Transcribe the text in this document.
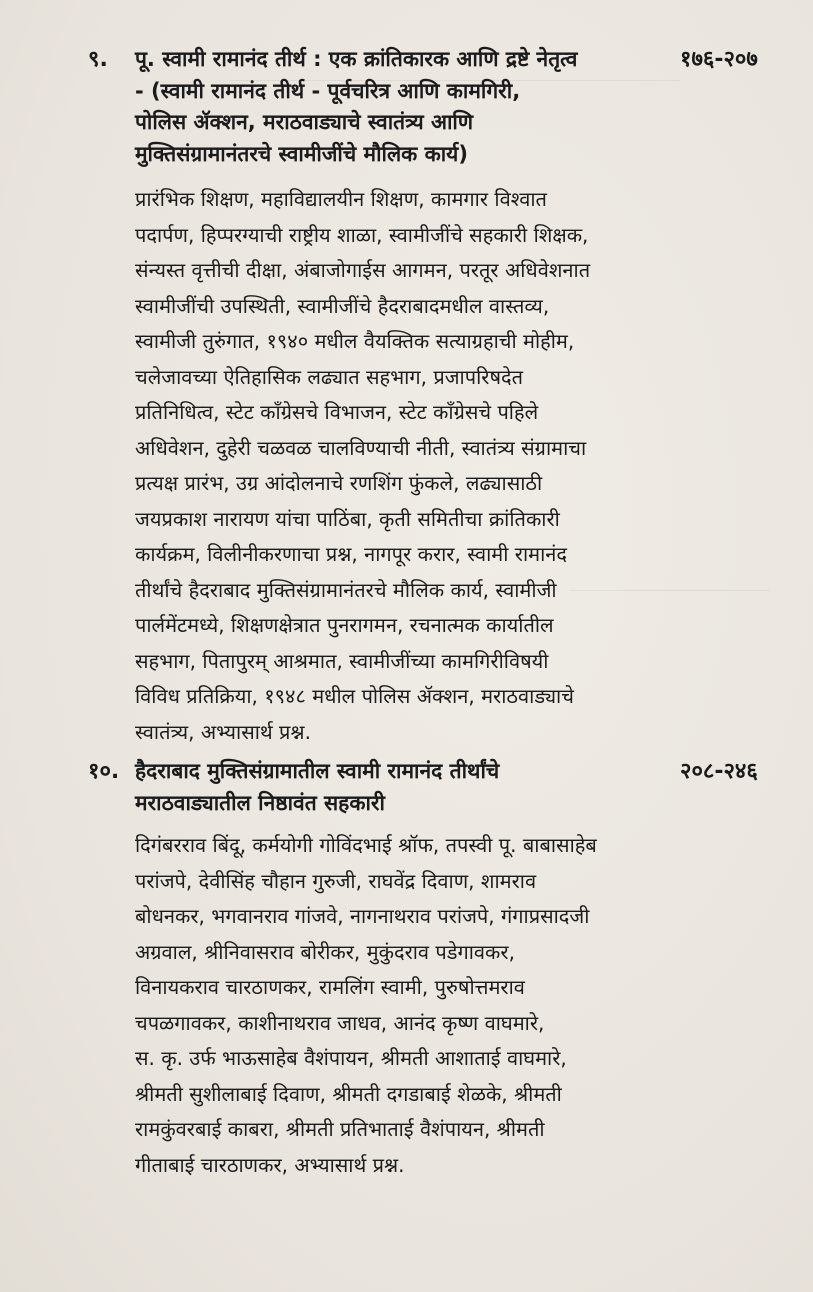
९.	१७६-२०७
पू. स्वामी रामानंद तीर्थ : एक क्रांतिकारक आणि द्रष्टे नेतृत्व
- (स्वामी रामानंद तीर्थ - पूर्वचरित्र आणि कामगिरी,
पोलिस ॲक्शन, मराठवाड्याचे स्वातंत्र्य आणि
मुक्तिसंग्रामानंतरचे स्वामीजींचे मौलिक कार्य)
प्रारंभिक शिक्षण, महाविद्यालयीन शिक्षण, कामगार विश्वात
पदार्पण, हिप्परग्याची राष्ट्रीय शाळा, स्वामीजींचे सहकारी शिक्षक,
संन्यस्त वृत्तीची दीक्षा, अंबाजोगाईस आगमन, परतूर अधिवेशनात
स्वामीजींची उपस्थिती, स्वामीजींचे हैदराबादमधील वास्तव्य,
स्वामीजी तुरुंगात, १९४० मधील वैयक्तिक सत्याग्रहाची मोहीम,
चलेजावच्या ऐतिहासिक लढ्यात सहभाग, प्रजापरिषदेत
प्रतिनिधित्व, स्टेट काँग्रेसचे विभाजन, स्टेट काँग्रेसचे पहिले
अधिवेशन, दुहेरी चळवळ चालविण्याची नीती, स्वातंत्र्य संग्रामाचा
प्रत्यक्ष प्रारंभ, उग्र आंदोलनाचे रणशिंग फुंकले, लढ्यासाठी
जयप्रकाश नारायण यांचा पाठिंबा, कृती समितीचा क्रांतिकारी
कार्यक्रम, विलीनीकरणाचा प्रश्न, नागपूर करार, स्वामी रामानंद
तीर्थांचे हैदराबाद मुक्तिसंग्रामानंतरचे मौलिक कार्य, स्वामीजी
पार्लमेंटमध्ये, शिक्षणक्षेत्रात पुनरागमन, रचनात्मक कार्यातील
सहभाग, पितापुरम् आश्रमात, स्वामीजींच्या कामगिरीविषयी
विविध प्रतिक्रिया, १९४८ मधील पोलिस ॲक्शन, मराठवाड्याचे
स्वातंत्र्य, अभ्यासार्थ प्रश्न.
१०.	२०८-२४६
हैदराबाद मुक्तिसंग्रामातील स्वामी रामानंद तीर्थांचे
मराठवाड्यातील निष्ठावंत सहकारी
दिगंबरराव बिंदू, कर्मयोगी गोविंदभाई श्रॉफ, तपस्वी पू. बाबासाहेब
परांजपे, देवीसिंह चौहान गुरुजी, राघवेंद्र दिवाण, शामराव
बोधनकर, भगवानराव गांजवे, नागनाथराव परांजपे, गंगाप्रसादजी
अग्रवाल, श्रीनिवासराव बोरीकर, मुकुंदराव पडेगावकर,
विनायकराव चारठाणकर, रामलिंग स्वामी, पुरुषोत्तमराव
चपळगावकर, काशीनाथराव जाधव, आनंद कृष्ण वाघमारे,
स. कृ. उर्फ भाऊसाहेब वैशंपायन, श्रीमती आशाताई वाघमारे,
श्रीमती सुशीलाबाई दिवाण, श्रीमती दगडाबाई शेळके, श्रीमती
रामकुंवरबाई काबरा, श्रीमती प्रतिभाताई वैशंपायन, श्रीमती
गीताबाई चारठाणकर, अभ्यासार्थ प्रश्न.
